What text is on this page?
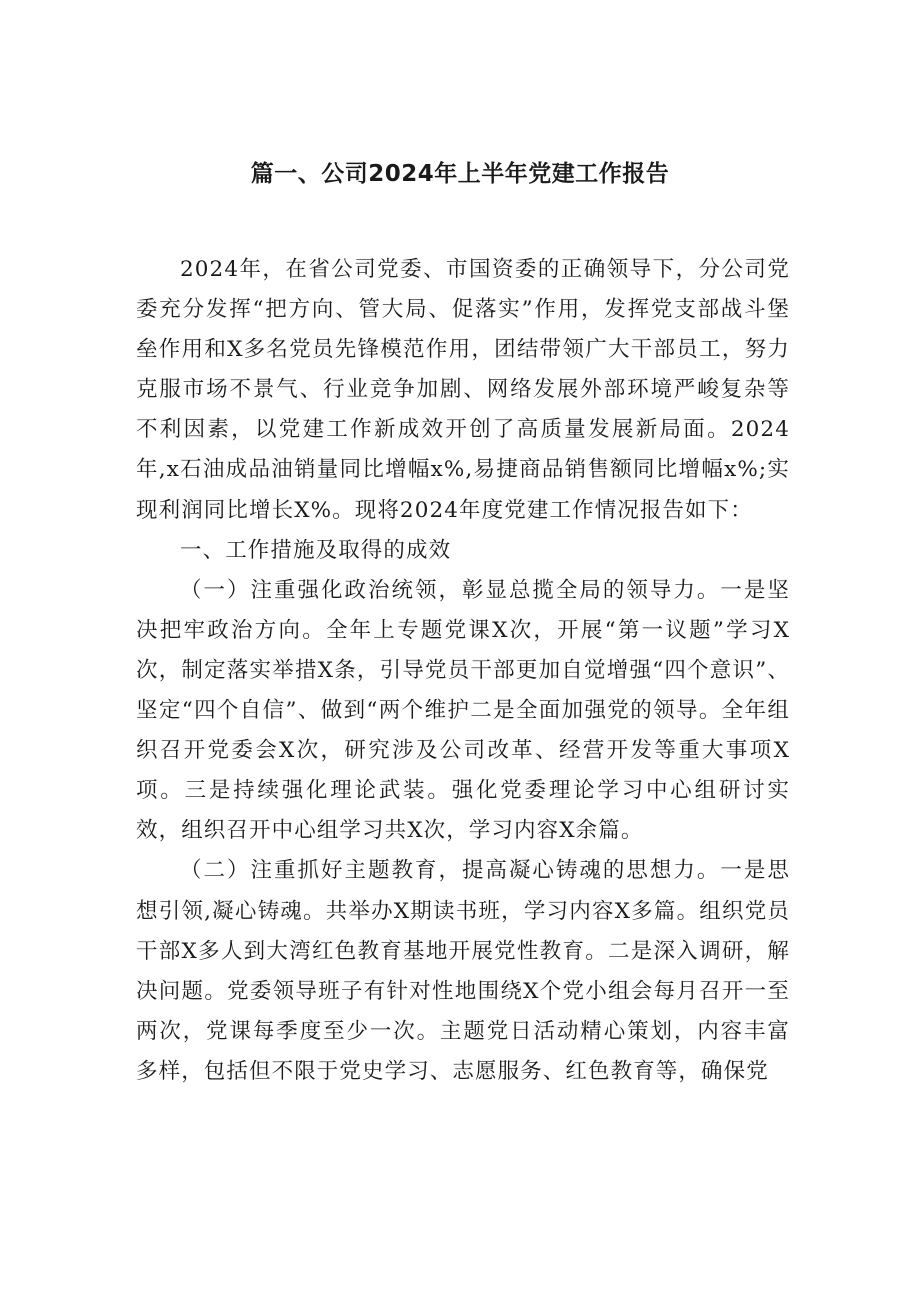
篇一、公司2024年上半年党建工作报告

2024年，在省公司党委、市国资委的正确领导下，分公司党委充分发挥“把方向、管大局、促落实”作用，发挥党支部战斗堡垒作用和X多名党员先锋模范作用，团结带领广大干部员工，努力克服市场不景气、行业竞争加剧、网络发展外部环境严峻复杂等不利因素，以党建工作新成效开创了高质量发展新局面。2024年,x石油成品油销量同比增幅x%,易捷商品销售额同比增幅x%;实现利润同比增长X%。现将2024年度党建工作情况报告如下：

一、工作措施及取得的成效

（一）注重强化政治统领，彰显总揽全局的领导力。一是坚决把牢政治方向。全年上专题党课X次，开展“第一议题”学习X次，制定落实举措X条，引导党员干部更加自觉增强“四个意识”、坚定“四个自信”、做到“两个维护二是全面加强党的领导。全年组织召开党委会X次，研究涉及公司改革、经营开发等重大事项X项。三是持续强化理论武装。强化党委理论学习中心组研讨实效，组织召开中心组学习共X次，学习内容X余篇。

（二）注重抓好主题教育，提高凝心铸魂的思想力。一是思想引领,凝心铸魂。共举办X期读书班，学习内容X多篇。组织党员干部X多人到大湾红色教育基地开展党性教育。二是深入调研，解决问题。党委领导班子有针对性地围绕X个党小组会每月召开一至两次，党课每季度至少一次。主题党日活动精心策划，内容丰富多样，包括但不限于党史学习、志愿服务、红色教育等，确保党
